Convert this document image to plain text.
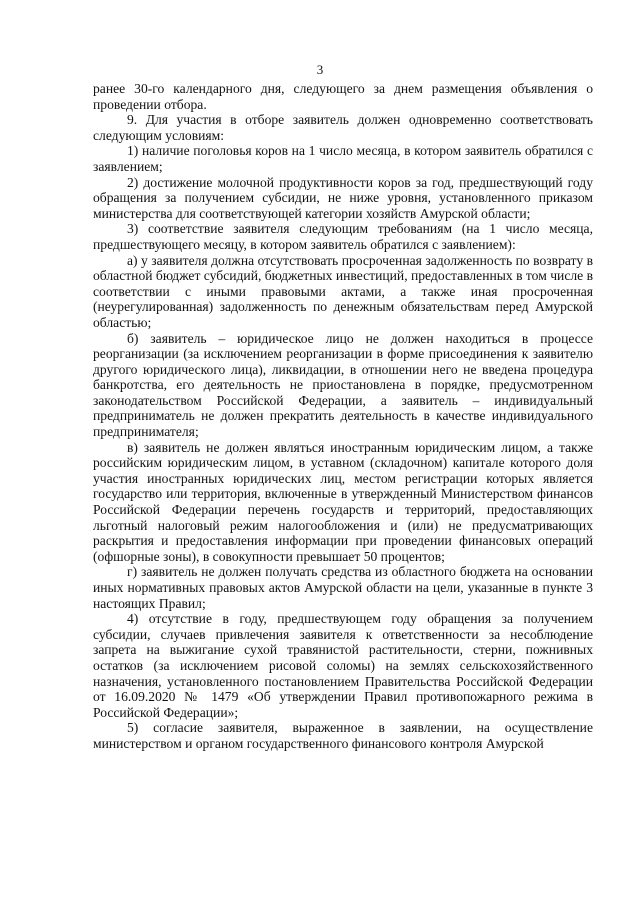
3

ранее 30-го календарного дня, следующего за днем размещения объявления о проведении отбора.

9. Для участия в отборе заявитель должен одновременно соответствовать следующим условиям:

1) наличие поголовья коров на 1 число месяца, в котором заявитель обратился с заявлением;

2) достижение молочной продуктивности коров за год, предшествующий году обращения за получением субсидии, не ниже уровня, установленного приказом министерства для соответствующей категории хозяйств Амурской области;

3) соответствие заявителя следующим требованиям (на 1 число месяца, предшествующего месяцу, в котором заявитель обратился с заявлением):

а) у заявителя должна отсутствовать просроченная задолженность по возврату в областной бюджет субсидий, бюджетных инвестиций, предоставленных в том числе в соответствии с иными правовыми актами, а также иная просроченная (неурегулированная) задолженность по денежным обязательствам перед Амурской областью;

б) заявитель – юридическое лицо не должен находиться в процессе реорганизации (за исключением реорганизации в форме присоединения к заявителю другого юридического лица), ликвидации, в отношении него не введена процедура банкротства, его деятельность не приостановлена в порядке, предусмотренном законодательством Российской Федерации, а заявитель – индивидуальный предприниматель не должен прекратить деятельность в качестве индивидуального предпринимателя;

в) заявитель не должен являться иностранным юридическим лицом, а также российским юридическим лицом, в уставном (складочном) капитале которого доля участия иностранных юридических лиц, местом регистрации которых является государство или территория, включенные в утвержденный Министерством финансов Российской Федерации перечень государств и территорий, предоставляющих льготный налоговый режим налогообложения и (или) не предусматривающих раскрытия и предоставления информации при проведении финансовых операций (офшорные зоны), в совокупности превышает 50 процентов;

г) заявитель не должен получать средства из областного бюджета на основании иных нормативных правовых актов Амурской области на цели, указанные в пункте 3 настоящих Правил;

4) отсутствие в году, предшествующем году обращения за получением субсидии, случаев привлечения заявителя к ответственности за несоблюдение запрета на выжигание сухой травянистой растительности, стерни, пожнивных остатков (за исключением рисовой соломы) на землях сельскохозяйственного назначения, установленного постановлением Правительства Российской Федерации от 16.09.2020 № 1479 «Об утверждении Правил противопожарного режима в Российской Федерации»;

5) согласие заявителя, выраженное в заявлении, на осуществление министерством и органом государственного финансового контроля Амурской
